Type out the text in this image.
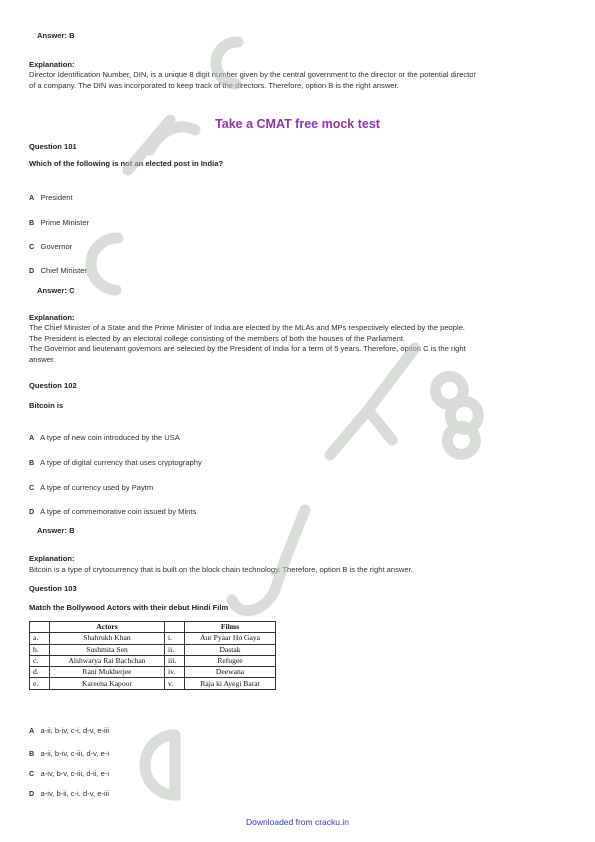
Answer: B
Explanation:
Director Identification Number, DIN, is a unique 8 digit number given by the central government to the director or the potential director
of a company. The DIN was incorporated to keep track of the directors. Therefore, option B is the right answer.
Take a CMAT free mock test
Question 101
Which of the following is not an elected post in India?
A President
B Prime Minister
C Governor
D Chief Minister
Answer: C
Explanation:
The Chief Minister of a State and the Prime Minister of India are elected by the MLAs and MPs respectively elected by the people.
The President is elected by an electoral college consisting of the members of both the houses of the Parliament.
The Governor and lieutenant governors are selected by the President of India for a term of 5 years. Therefore, option C is the right
answer.
Question 102
Bitcoin is
A A type of new coin introduced by the USA
B A type of digital currency that uses cryptography
C A type of currency used by Paytm
D A type of commemorative coin issued by Mints
Answer: B
Explanation:
Bitcoin is a type of crytocurrency that is built on the block chain technology. Therefore, option B is the right answer.
Question 103
Match the Bollywood Actors with their debut Hindi Film
	Actors		Films
a.	Shahrukh Khan	i.	Aur Pyaar Ho Gaya
b.	Sushmita Sen	ii.	Dastak
c.	Aishwarya Rai Bachchan	iii.	Refugee
d.	Rani Mukherjee	iv.	Deewana
e.	Kareena Kapoor	v.	Raja ki Ayegi Barat
A a-ii, b-iv, c-i, d-v, e-iii
B a-ii, b-iv, c-iii, d-v, e-i
C a-iv, b-v, c-iii, d-ii, e-i
D a-iv, b-ii, c-i, d-v, e-iii
Downloaded from cracku.in
